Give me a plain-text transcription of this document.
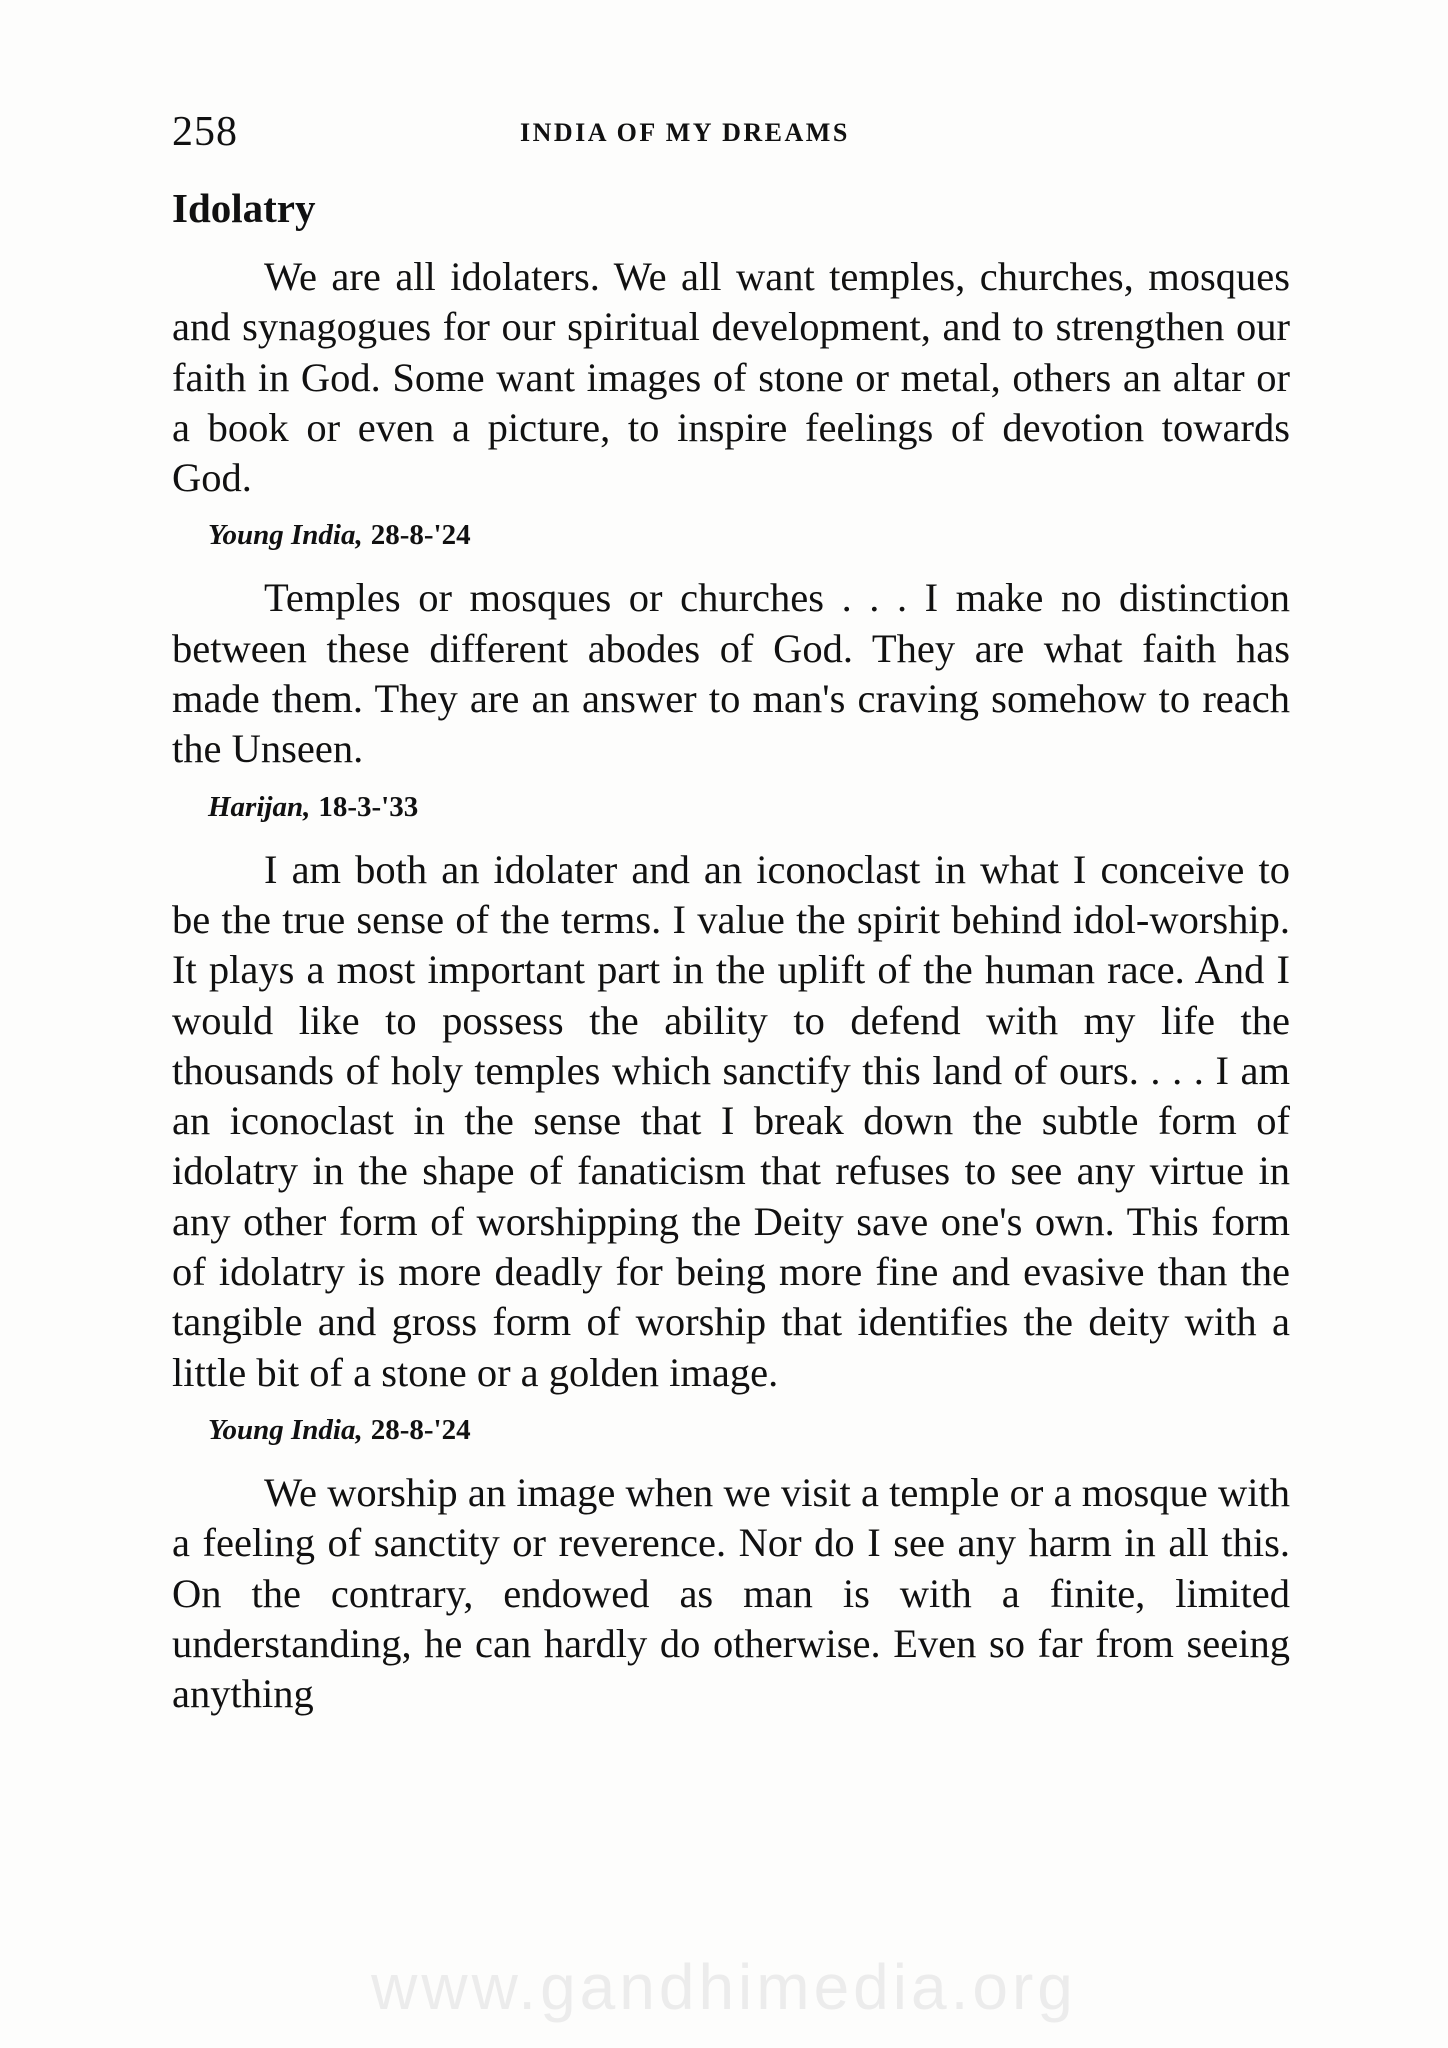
258	INDIA OF MY DREAMS
Idolatry

We are all idolaters. We all want temples, churches, mosques and synagogues for our spiritual development, and to strengthen our faith in God. Some want images of stone or metal, others an altar or a book or even a picture, to inspire feelings of devotion towards God.

Young India, 28-8-'24

Temples or mosques or churches . . . I make no distinction between these different abodes of God. They are what faith has made them. They are an answer to man's craving somehow to reach the Unseen.

Harijan, 18-3-'33

I am both an idolater and an iconoclast in what I conceive to be the true sense of the terms. I value the spirit behind idol-worship. It plays a most important part in the uplift of the human race. And I would like to possess the ability to defend with my life the thousands of holy temples which sanctify this land of ours. . . . I am an iconoclast in the sense that I break down the subtle form of idolatry in the shape of fanaticism that refuses to see any virtue in any other form of worshipping the Deity save one's own. This form of idolatry is more deadly for being more fine and evasive than the tangible and gross form of worship that identifies the deity with a little bit of a stone or a golden image.

Young India, 28-8-'24

We worship an image when we visit a temple or a mosque with a feeling of sanctity or reverence. Nor do I see any harm in all this. On the contrary, endowed as man is with a finite, limited understanding, he can hardly do otherwise. Even so far from seeing anything

www.gandhimedia.org
